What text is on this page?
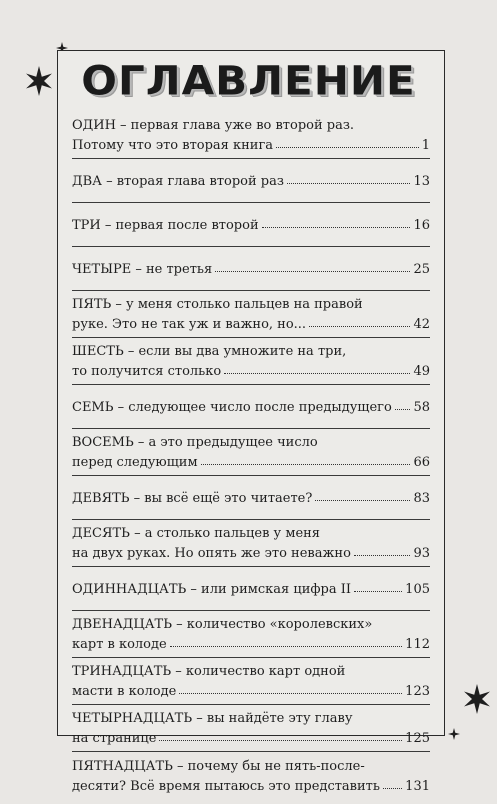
ОГЛАВЛЕНИЕ
ОДИН – первая глава уже во второй раз.
Потому что это вторая книга	1
ДВА – вторая глава второй раз	13
ТРИ – первая после второй	16
ЧЕТЫРЕ – не третья	25
ПЯТЬ – у меня столько пальцев на правой
руке. Это не так уж и важно, но...	42
ШЕСТЬ – если вы два умножите на три,
то получится столько	49
СЕМЬ – следующее число после предыдущего 58
ВОСЕМЬ – а это предыдущее число
перед следующим	66
ДЕВЯТЬ – вы всё ещё это читаете?	83
ДЕСЯТЬ – а столько пальцев у меня
на двух руках. Но опять же это неважно	93
ОДИННАДЦАТЬ – или римская цифра II	105
ДВЕНАДЦАТЬ – количество «королевских»
карт в колоде	112
ТРИНАДЦАТЬ – количество карт одной
масти в колоде	123
ЧЕТЫРНАДЦАТЬ – вы найдёте эту главу
на странице	125
ПЯТНАДЦАТЬ – почему бы не пять-после-
десяти? Всё время пытаюсь это представить 131
